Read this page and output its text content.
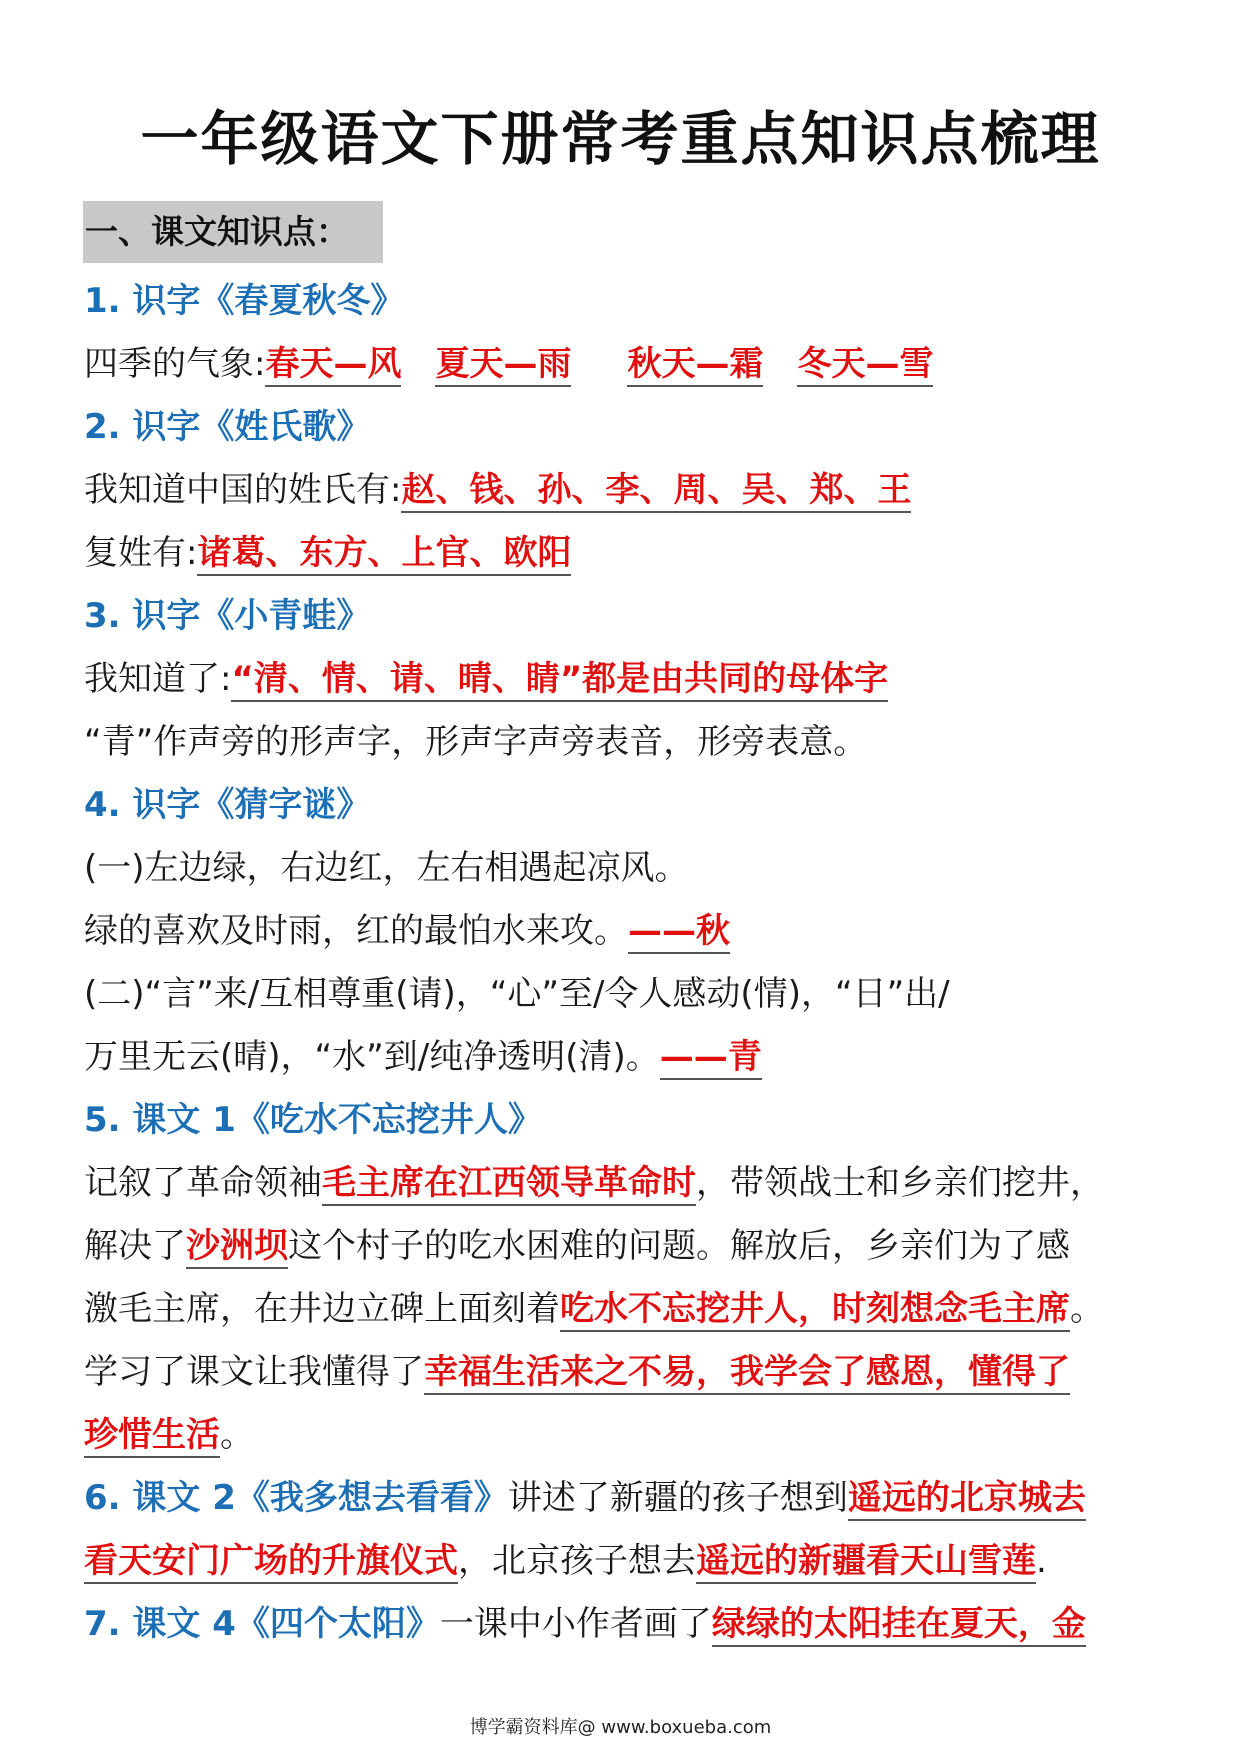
一年级语文下册常考重点知识点梳理
一、课文知识点：
1. 识字《春夏秋冬》
四季的气象:春天—风 夏天—雨 秋天—霜 冬天—雪
2. 识字《姓氏歌》
我知道中国的姓氏有:赵、钱、孙、李、周、吴、郑、王
复姓有:诸葛、东方、上官、欧阳
3. 识字《小青蛙》
我知道了:“清、情、请、晴、睛”都是由共同的母体字
“青”作声旁的形声字，形声字声旁表音，形旁表意。
4. 识字《猜字谜》
(一)左边绿，右边红，左右相遇起凉风。
绿的喜欢及时雨，红的最怕水来攻。——秋
(二)“言”来/互相尊重(请)，“心”至/令人感动(情)，“日”出/
万里无云(晴)，“水”到/纯净透明(清)。——青
5. 课文 1《吃水不忘挖井人》
记叙了革命领袖毛主席在江西领导革命时，带领战士和乡亲们挖井，
解决了沙洲坝这个村子的吃水困难的问题。解放后，乡亲们为了感
激毛主席，在井边立碑上面刻着吃水不忘挖井人，时刻想念毛主席。
学习了课文让我懂得了幸福生活来之不易，我学会了感恩，懂得了
珍惜生活。
6. 课文 2《我多想去看看》讲述了新疆的孩子想到遥远的北京城去
看天安门广场的升旗仪式，北京孩子想去遥远的新疆看天山雪莲.
7. 课文 4《四个太阳》一课中小作者画了绿绿的太阳挂在夏天，金
博学霸资料库@ www.boxueba.com
